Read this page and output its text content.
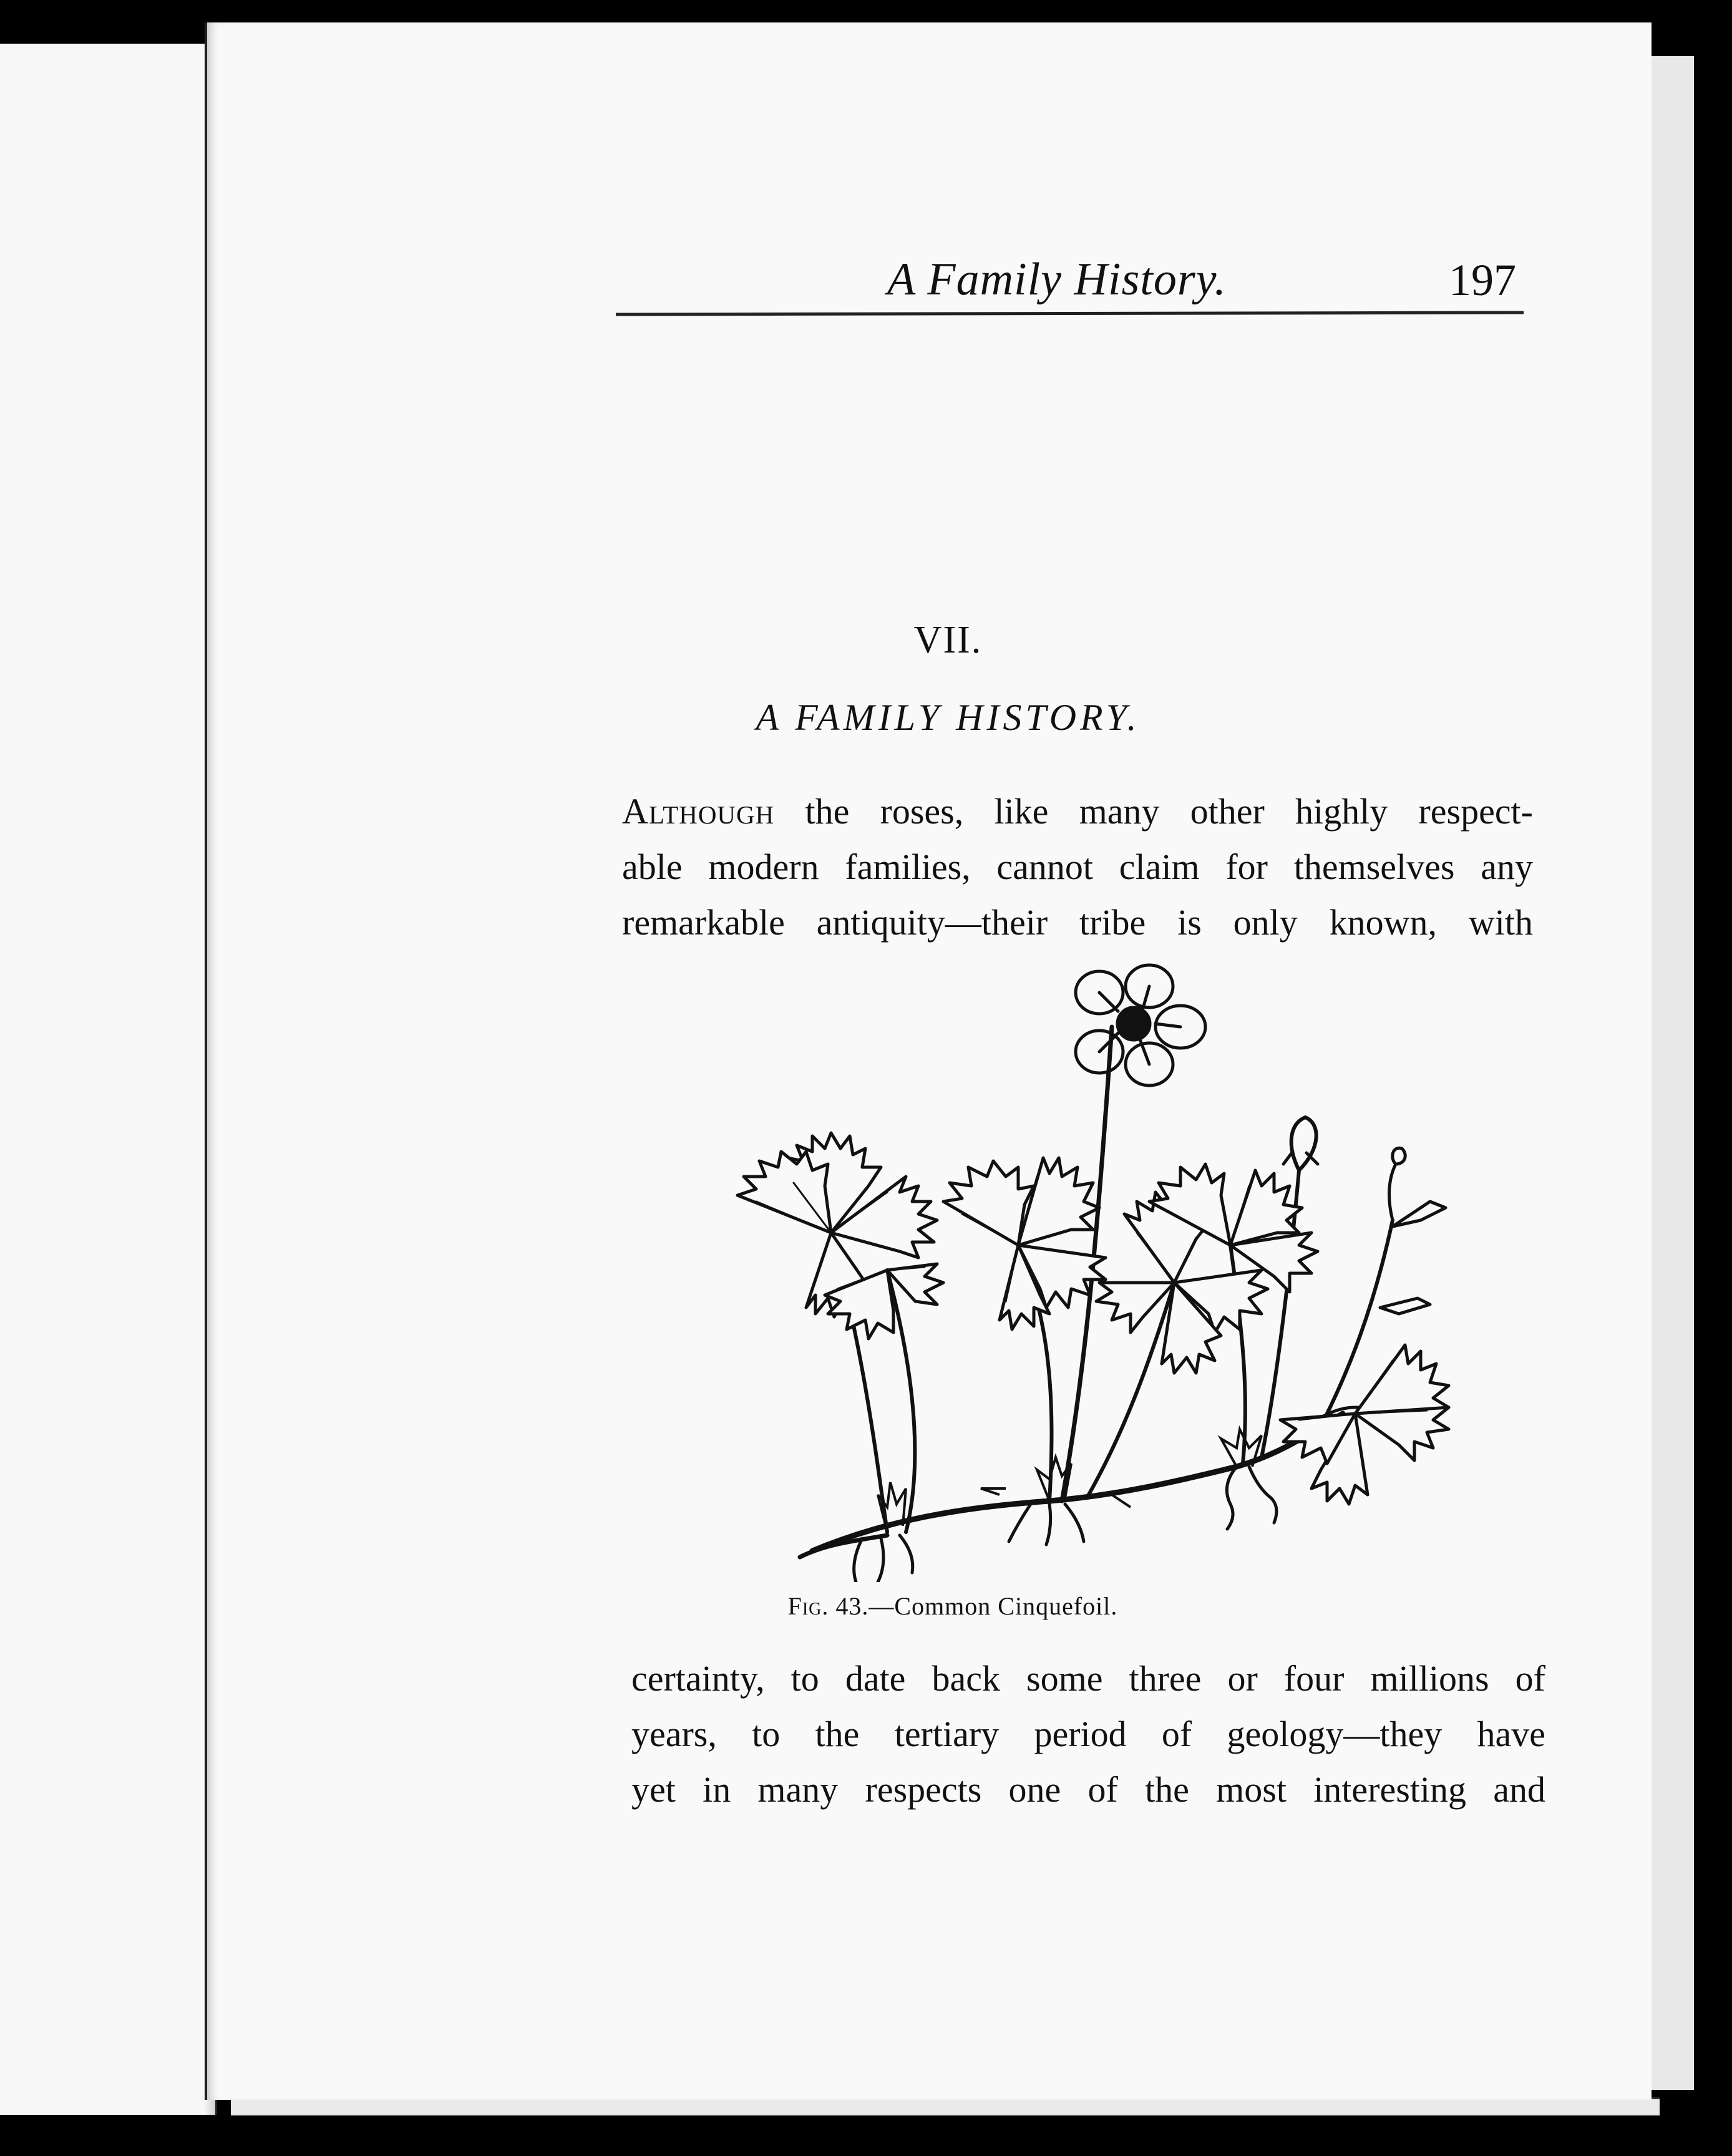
A Family History.	197
VII.
A FAMILY HISTORY.
Although the roses, like many other highly respect-
able modern families, cannot claim for themselves any
remarkable antiquity—their tribe is only known, with
Fig. 43.—Common Cinquefoil.
certainty, to date back some three or four millions of
years, to the tertiary period of geology—they have
yet in many respects one of the most interesting and
